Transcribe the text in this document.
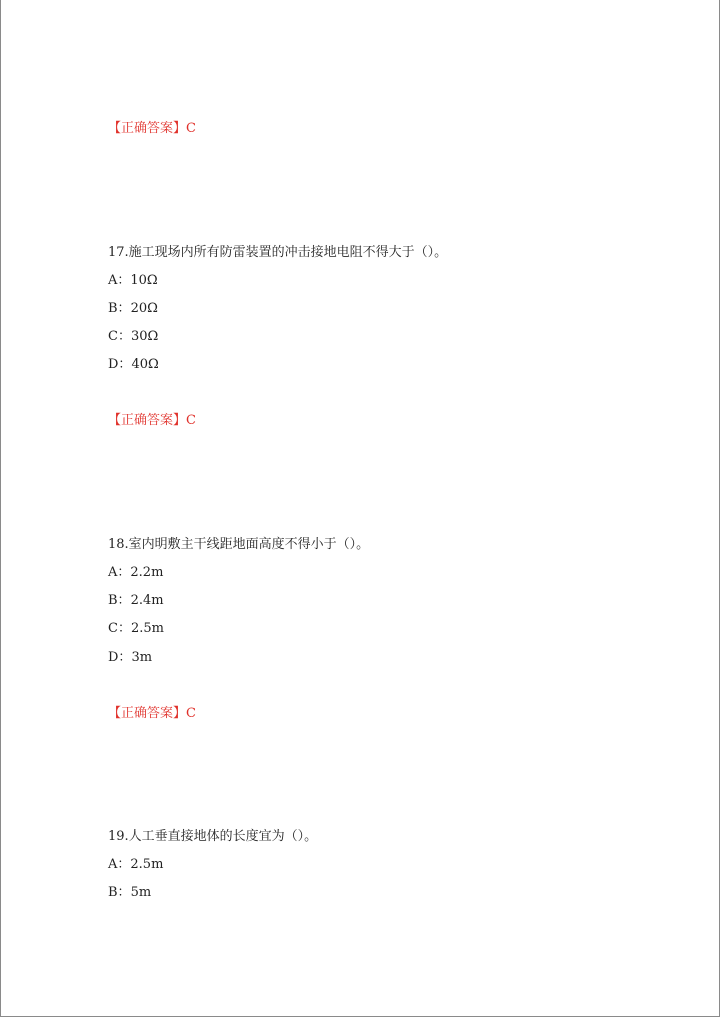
【正确答案】C
17.施工现场内所有防雷装置的冲击接地电阻不得大于（）。
A：10Ω
B：20Ω
C：30Ω
D：40Ω
【正确答案】C
18.室内明敷主干线距地面高度不得小于（）。
A：2.2m
B：2.4m
C：2.5m
D：3m
【正确答案】C
19.人工垂直接地体的长度宜为（）。
A：2.5m
B：5m
